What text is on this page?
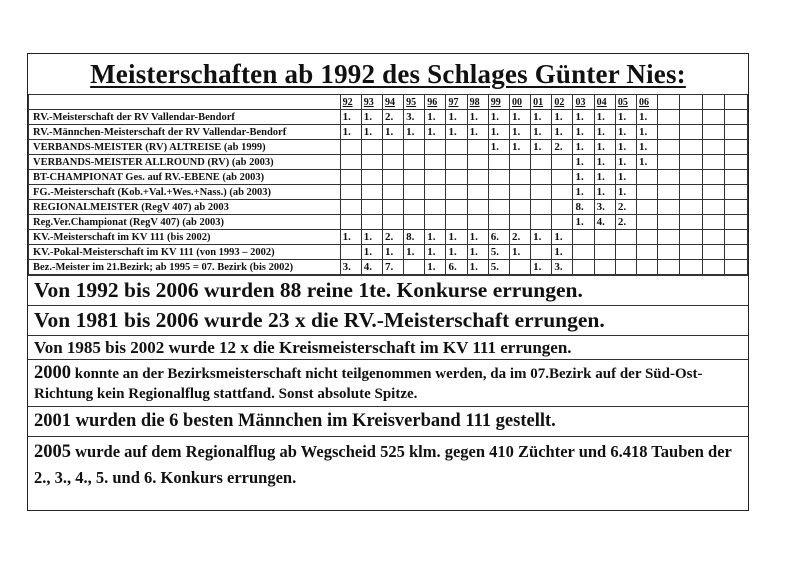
Meisterschaften ab 1992 des Schlages Günter Nies:
	92	93	94	95	96	97	98	99	00	01	02	03	04	05	06				
RV.-Meisterschaft der RV Vallendar-Bendorf	1.	1.	2.	3.	1.	1.	1.	1.	1.	1.	1.	1.	1.	1.	1.				
RV.-Männchen-Meisterschaft der RV Vallendar-Bendorf	1.	1.	1.	1.	1.	1.	1.	1.	1.	1.	1.	1.	1.	1.	1.				
VERBANDS-MEISTER (RV) ALTREISE (ab 1999)								1.	1.	1.	2.	1.	1.	1.	1.				
VERBANDS-MEISTER ALLROUND (RV) (ab 2003)												1.	1.	1.	1.				
BT-CHAMPIONAT Ges. auf RV.-EBENE (ab 2003)												1.	1.	1.					
FG.-Meisterschaft (Kob.+Val.+Wes.+Nass.) (ab 2003)												1.	1.	1.					
REGIONALMEISTER (RegV 407) ab 2003												8.	3.	2.					
Reg.Ver.Championat (RegV 407) (ab 2003)												1.	4.	2.					
KV.-Meisterschaft im KV 111 (bis 2002)	1.	1.	2.	8.	1.	1.	1.	6.	2.	1.	1.								
KV.-Pokal-Meisterschaft im KV 111 (von 1993 – 2002)		1.	1.	1.	1.	1.	1.	5.	1.		1.								
Bez.-Meister im 21.Bezirk; ab 1995 = 07. Bezirk (bis 2002)	3.	4.	7.		1.	6.	1.	5.		1.	3.								
Von 1992 bis 2006 wurden 88 reine 1te. Konkurse errungen.
Von 1981 bis 2006 wurde 23 x die RV.-Meisterschaft errungen.
Von 1985 bis 2002 wurde 12 x die Kreismeisterschaft im KV 111 errungen.
2000 konnte an der Bezirksmeisterschaft nicht teilgenommen werden, da im 07.Bezirk auf der Süd-Ost-Richtung kein Regionalflug stattfand. Sonst absolute Spitze.
2001 wurden die 6 besten Männchen im Kreisverband 111 gestellt.
2005 wurde auf dem Regionalflug ab Wegscheid 525 klm. gegen 410 Züchter und 6.418 Tauben der 2., 3., 4., 5. und 6. Konkurs errungen.
